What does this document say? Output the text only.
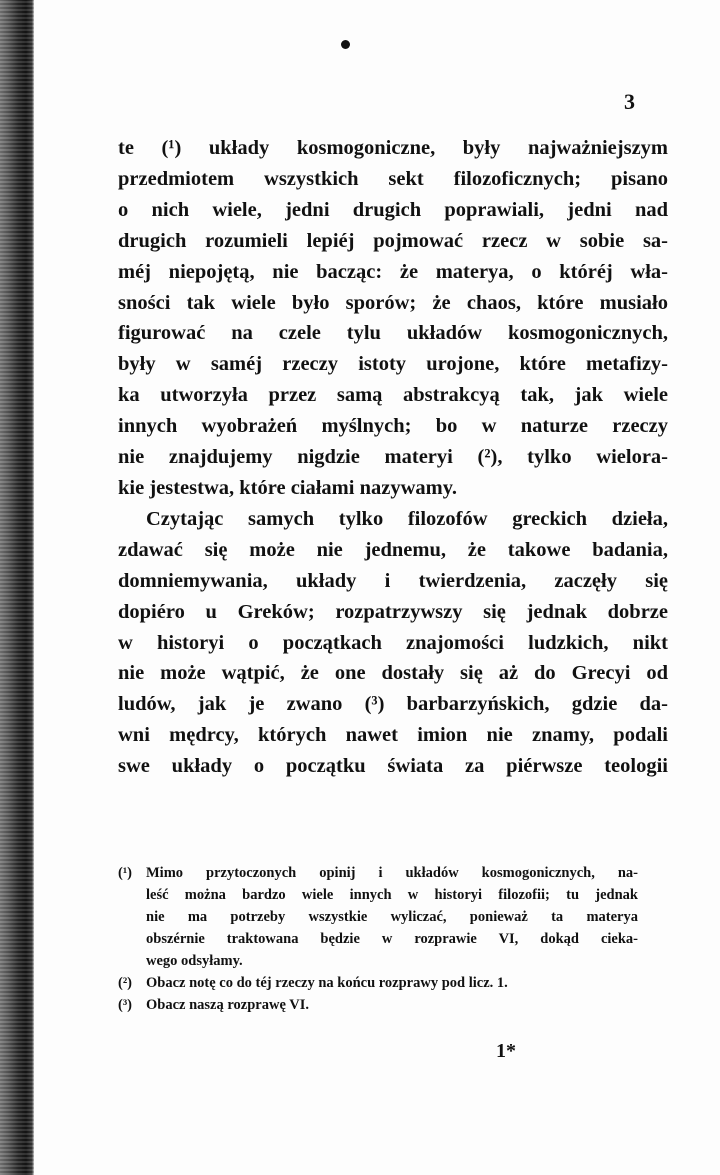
3
te (¹) układy kosmogoniczne, były najważniejszym
przedmiotem wszystkich sekt filozoficznych; pisano
o nich wiele, jedni drugich poprawiali, jedni nad
drugich rozumieli lepiéj pojmować rzecz w sobie sa-
méj niepojętą, nie bacząc: że materya, o któréj wła-
sności tak wiele było sporów; że chaos, które musiało
figurować na czele tylu układów kosmogonicznych,
były w saméj rzeczy istoty urojone, które metafizy-
ka utworzyła przez samą abstrakcyą tak, jak wiele
innych wyobrażeń myślnych; bo w naturze rzeczy
nie znajdujemy nigdzie materyi (²), tylko wielora-
kie jestestwa, które ciałami nazywamy.
Czytając samych tylko filozofów greckich dzieła,
zdawać się może nie jednemu, że takowe badania,
domniemywania, układy i twierdzenia, zaczęły się
dopiéro u Greków; rozpatrzywszy się jednak dobrze
w historyi o początkach znajomości ludzkich, nikt
nie może wątpić, że one dostały się aż do Grecyi od
ludów, jak je zwano (³) barbarzyńskich, gdzie da-
wni mędrcy, których nawet imion nie znamy, podali
swe układy o początku świata za piérwsze teologii
(¹) Mimo przytoczonych opinij i układów kosmogonicznych, na-
leść można bardzo wiele innych w historyi filozofii; tu jednak
nie ma potrzeby wszystkie wyliczać, ponieważ ta materya
obszérnie traktowana będzie w rozprawie VI, dokąd cieka-
wego odsyłamy.
(²) Obacz notę co do téj rzeczy na końcu rozprawy pod licz. 1.
(³) Obacz naszą rozprawę VI.
1*
